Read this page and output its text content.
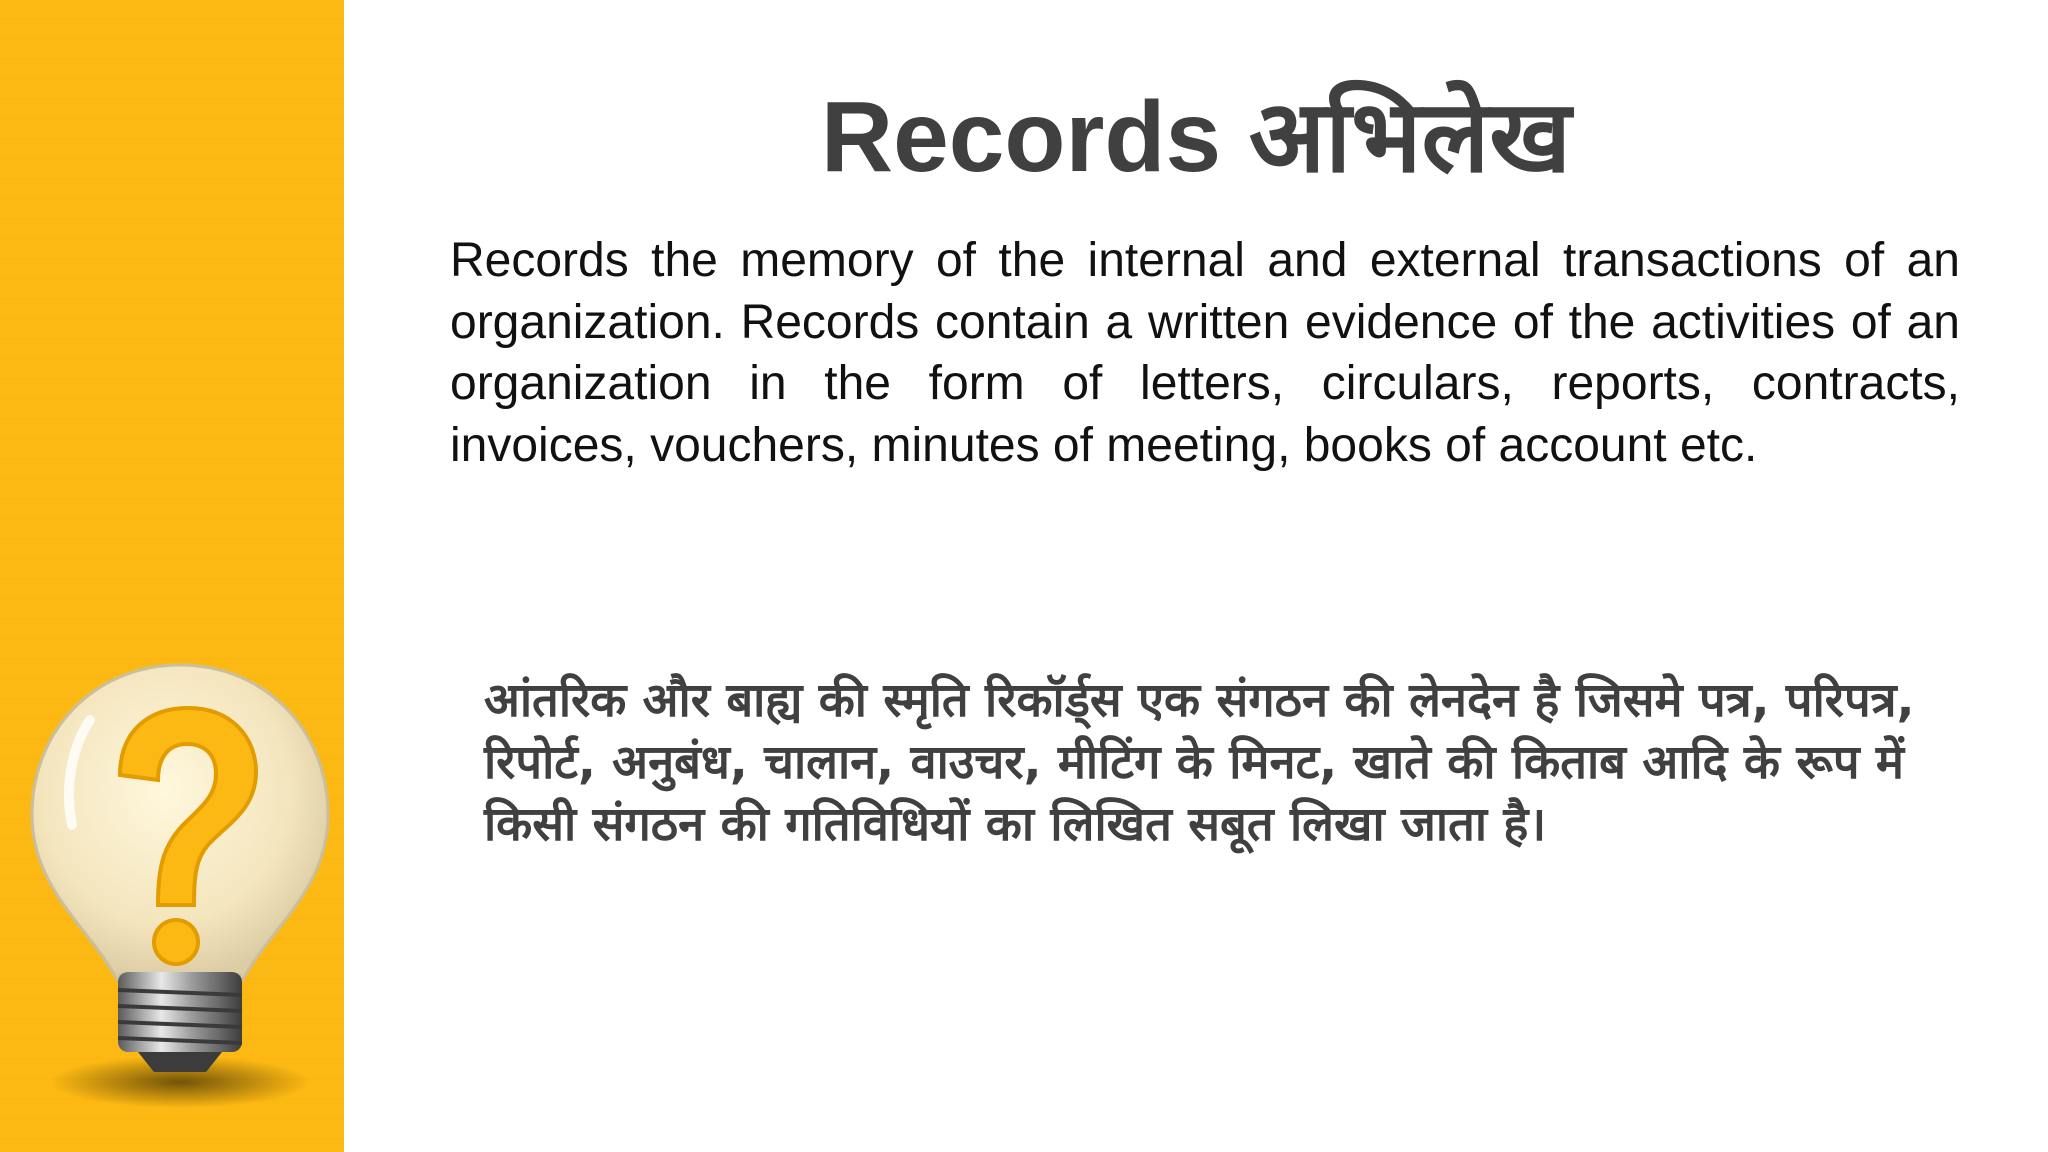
Records अभिलेख

Records the memory of the internal and external transactions of an organization. Records contain a written evidence of the activities of an organization in the form of letters, circulars, reports, contracts, invoices, vouchers, minutes of meeting, books of account etc.

आंतरिक और बाह्य की स्मृति रिकॉर्ड्स एक संगठन की लेनदेन है जिसमे पत्र, परिपत्र, रिपोर्ट, अनुबंध, चालान, वाउचर, मीटिंग के मिनट, खाते की किताब आदि के रूप में किसी संगठन की गतिविधियों का लिखित सबूत लिखा जाता है।
